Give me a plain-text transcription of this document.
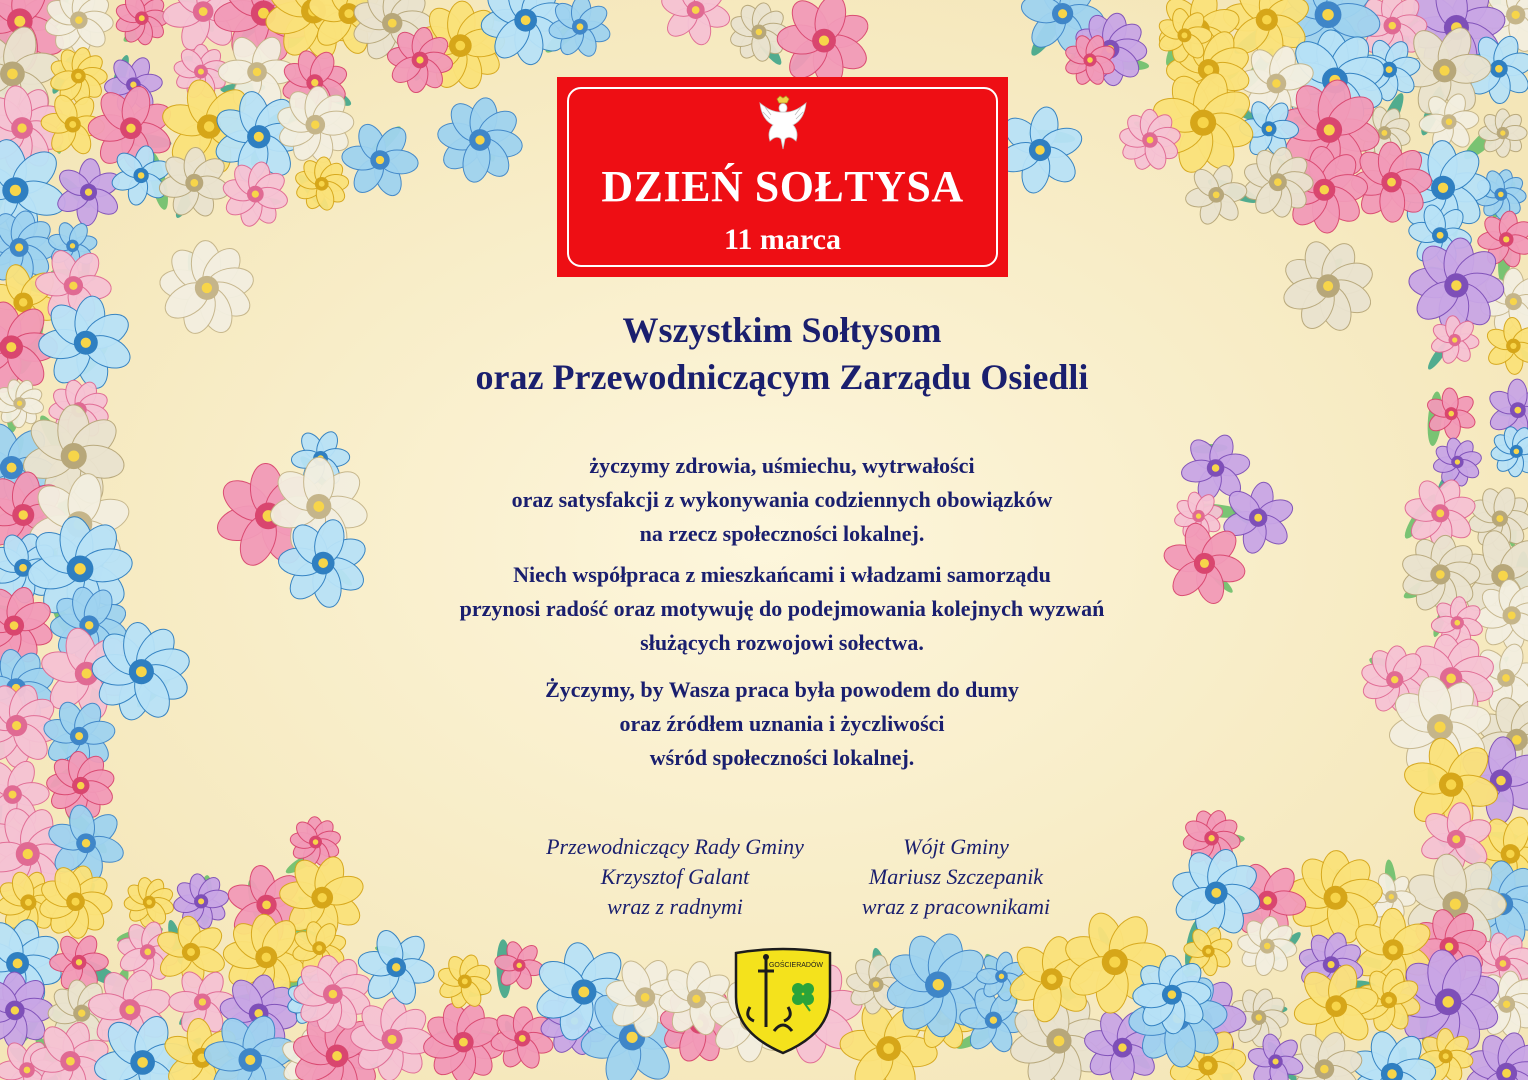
DZIEŃ SOŁTYSA
11 marca
Wszystkim Sołtysom
oraz Przewodniczącym Zarządu Osiedli
życzymy zdrowia, uśmiechu, wytrwałości
oraz satysfakcji z wykonywania codziennych obowiązków
na rzecz społeczności lokalnej.
Niech współpraca z mieszkańcami i władzami samorządu
przynosi radość oraz motywuję do podejmowania kolejnych wyzwań
służących rozwojowi sołectwa.
Życzymy, by Wasza praca była powodem do dumy
oraz źródłem uznania i życzliwości
wśród społeczności lokalnej.
Przewodniczący Rady Gminy
Krzysztof Galant
wraz z radnymi
Wójt Gminy
Mariusz Szczepanik
wraz z pracownikami
GOŚCIERADÓW
